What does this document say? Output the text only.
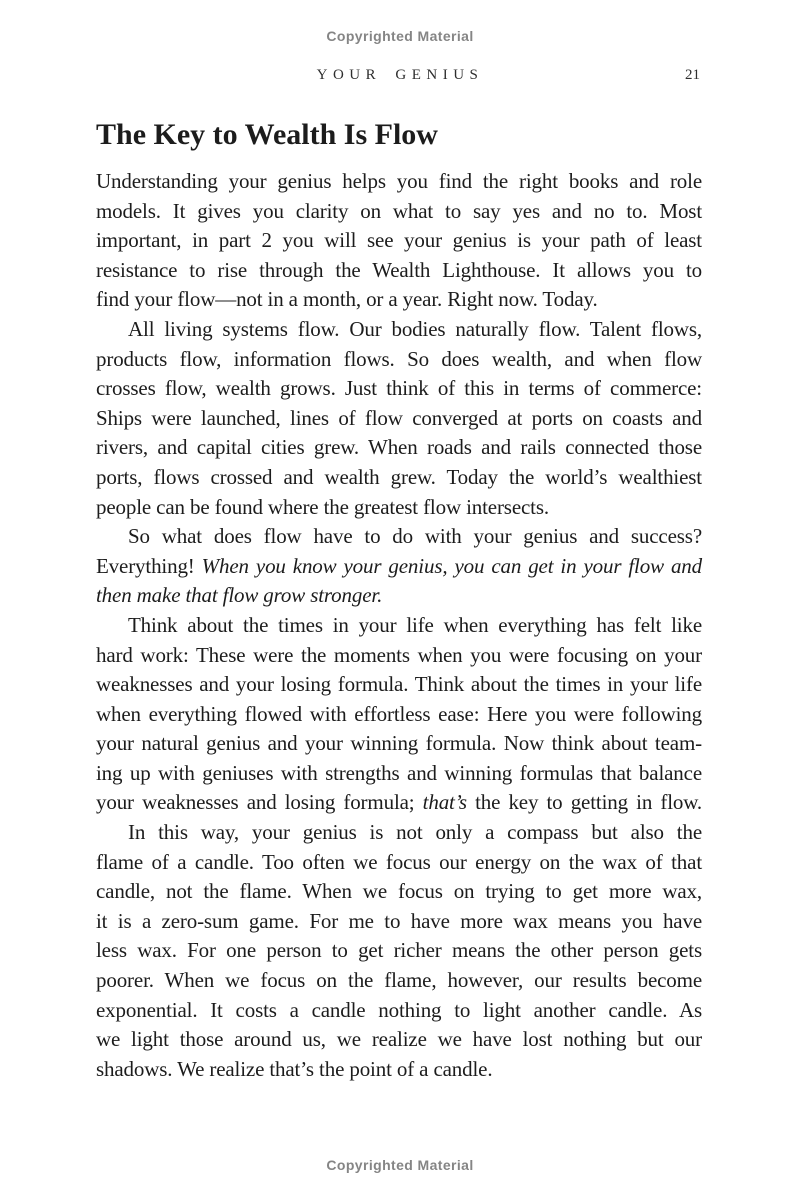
Copyrighted Material
YOUR GENIUS	21
The Key to Wealth Is Flow
Understanding your genius helps you find the right books and role
models. It gives you clarity on what to say yes and no to. Most
important, in part 2 you will see your genius is your path of least
resistance to rise through the Wealth Lighthouse. It allows you to
find your flow—not in a month, or a year. Right now. Today.
All living systems flow. Our bodies naturally flow. Talent flows,
products flow, information flows. So does wealth, and when flow
crosses flow, wealth grows. Just think of this in terms of commerce:
Ships were launched, lines of flow converged at ports on coasts and
rivers, and capital cities grew. When roads and rails connected those
ports, flows crossed and wealth grew. Today the world’s wealthiest
people can be found where the greatest flow intersects.
So what does flow have to do with your genius and success?
Everything! When you know your genius, you can get in your flow and
then make that flow grow stronger.
Think about the times in your life when everything has felt like
hard work: These were the moments when you were focusing on your
weaknesses and your losing formula. Think about the times in your life
when everything flowed with effortless ease: Here you were following
your natural genius and your winning formula. Now think about team-
ing up with geniuses with strengths and winning formulas that balance
your weaknesses and losing formula; that’s the key to getting in flow.
In this way, your genius is not only a compass but also the
flame of a candle. Too often we focus our energy on the wax of that
candle, not the flame. When we focus on trying to get more wax,
it is a zero-sum game. For me to have more wax means you have
less wax. For one person to get richer means the other person gets
poorer. When we focus on the flame, however, our results become
exponential. It costs a candle nothing to light another candle. As
we light those around us, we realize we have lost nothing but our
shadows. We realize that’s the point of a candle.
Copyrighted Material
